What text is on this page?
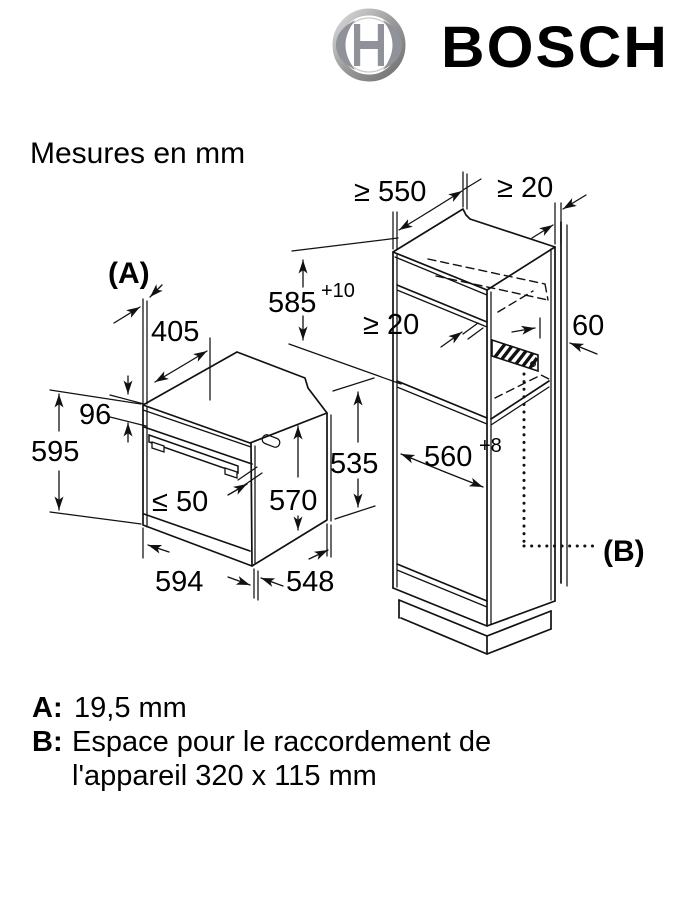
BOSCH
Mesures en mm
≥ 550 ≥ 20
585 +10
≥ 20	60
560 +8
(B)
(A)
405
96
595
≤ 50 570
535
594	548
A: 19,5 mm
B: Espace pour le raccordement de
l'appareil 320 x 115 mm
